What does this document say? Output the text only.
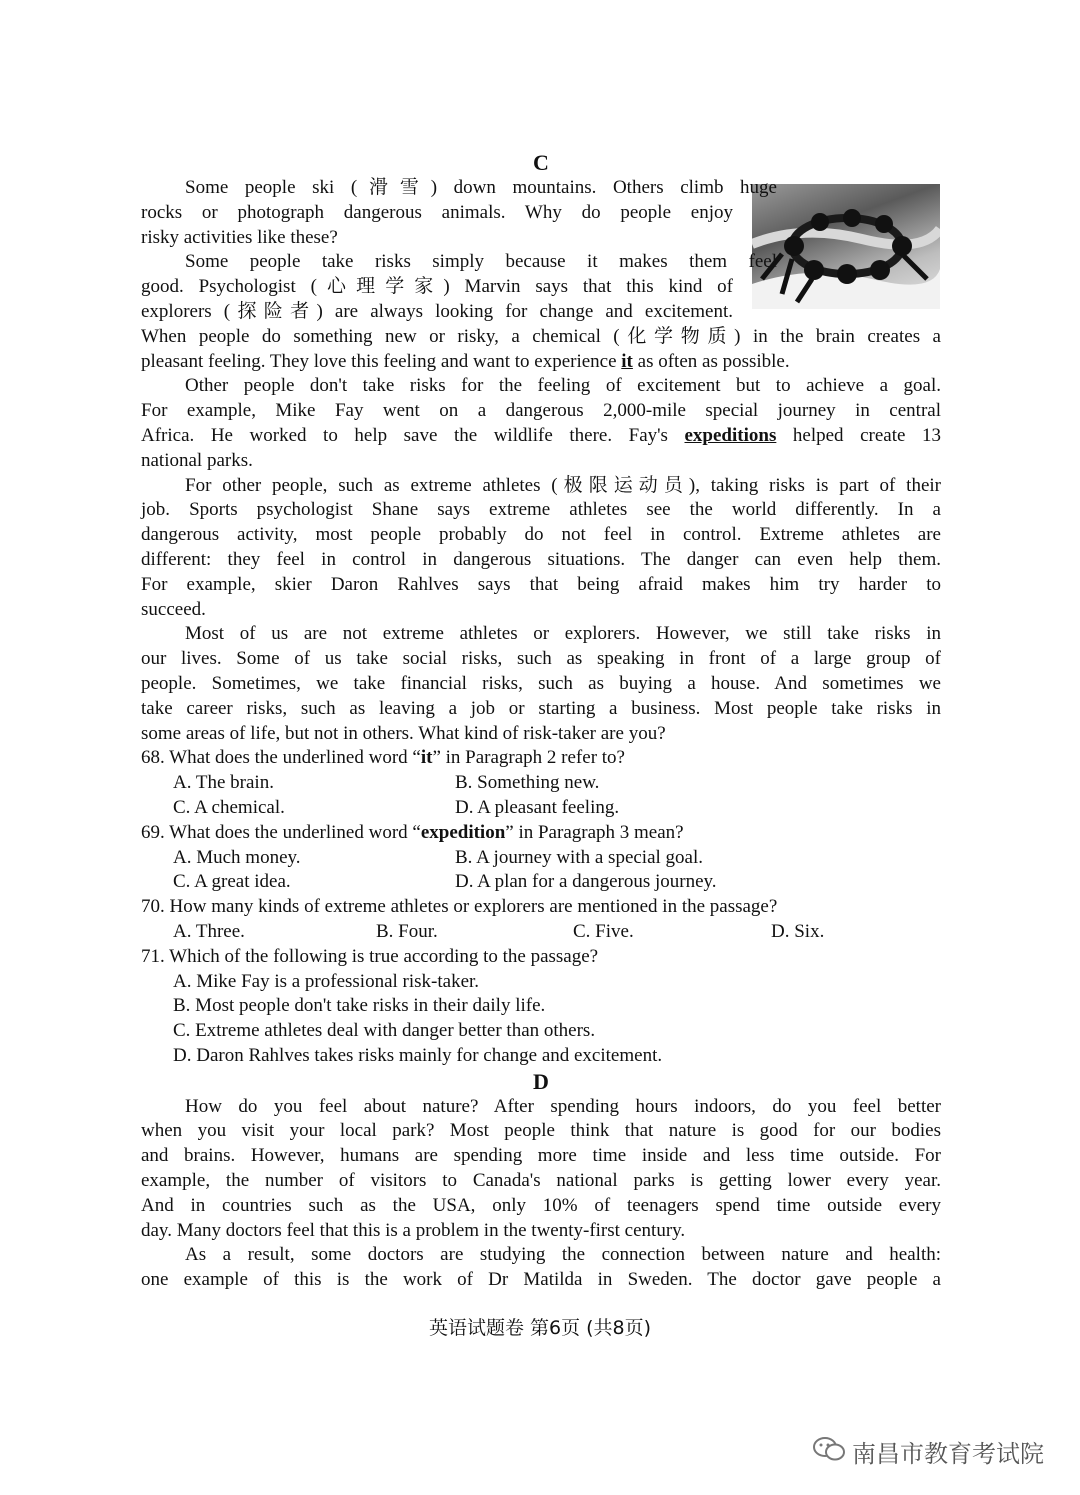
C
Some people ski (滑雪) down mountains. Others climb huge
rocks or photograph dangerous animals. Why do people enjoy
risky activities like these?
Some people take risks simply because it makes them feel
good. Psychologist (心理学家) Marvin says that this kind of
explorers (探险者) are always looking for change and excitement.
When people do something new or risky, a chemical (化学物质) in the brain creates a
pleasant feeling. They love this feeling and want to experience it as often as possible.
Other people don't take risks for the feeling of excitement but to achieve a goal.
For example, Mike Fay went on a dangerous 2,000-mile special journey in central
Africa. He worked to help save the wildlife there. Fay's expeditions helped create 13
national parks.
For other people, such as extreme athletes (极限运动员), taking risks is part of their
job. Sports psychologist Shane says extreme athletes see the world differently. In a
dangerous activity, most people probably do not feel in control. Extreme athletes are
different: they feel in control in dangerous situations. The danger can even help them.
For example, skier Daron Rahlves says that being afraid makes him try harder to
succeed.
Most of us are not extreme athletes or explorers. However, we still take risks in
our lives. Some of us take social risks, such as speaking in front of a large group of
people. Sometimes, we take financial risks, such as buying a house. And sometimes we
take career risks, such as leaving a job or starting a business. Most people take risks in
some areas of life, but not in others. What kind of risk-taker are you?
68. What does the underlined word “it” in Paragraph 2 refer to?
A. The brain.	B. Something new.
C. A chemical.	D. A pleasant feeling.
69. What does the underlined word “expedition” in Paragraph 3 mean?
A. Much money.	B. A journey with a special goal.
C. A great idea.	D. A plan for a dangerous journey.
70. How many kinds of extreme athletes or explorers are mentioned in the passage?
A. Three.	B. Four.	C. Five.	D. Six.
71. Which of the following is true according to the passage?
A. Mike Fay is a professional risk-taker.
B. Most people don't take risks in their daily life.
C. Extreme athletes deal with danger better than others.
D. Daron Rahlves takes risks mainly for change and excitement.
D
How do you feel about nature? After spending hours indoors, do you feel better
when you visit your local park? Most people think that nature is good for our bodies
and brains. However, humans are spending more time inside and less time outside. For
example, the number of visitors to Canada's national parks is getting lower every year.
And in countries such as the USA, only 10% of teenagers spend time outside every
day. Many doctors feel that this is a problem in the twenty-first century.
As a result, some doctors are studying the connection between nature and health:
one example of this is the work of Dr Matilda in Sweden. The doctor gave people a
英语试题卷 第6页 (共8页)
南昌市教育考试院
